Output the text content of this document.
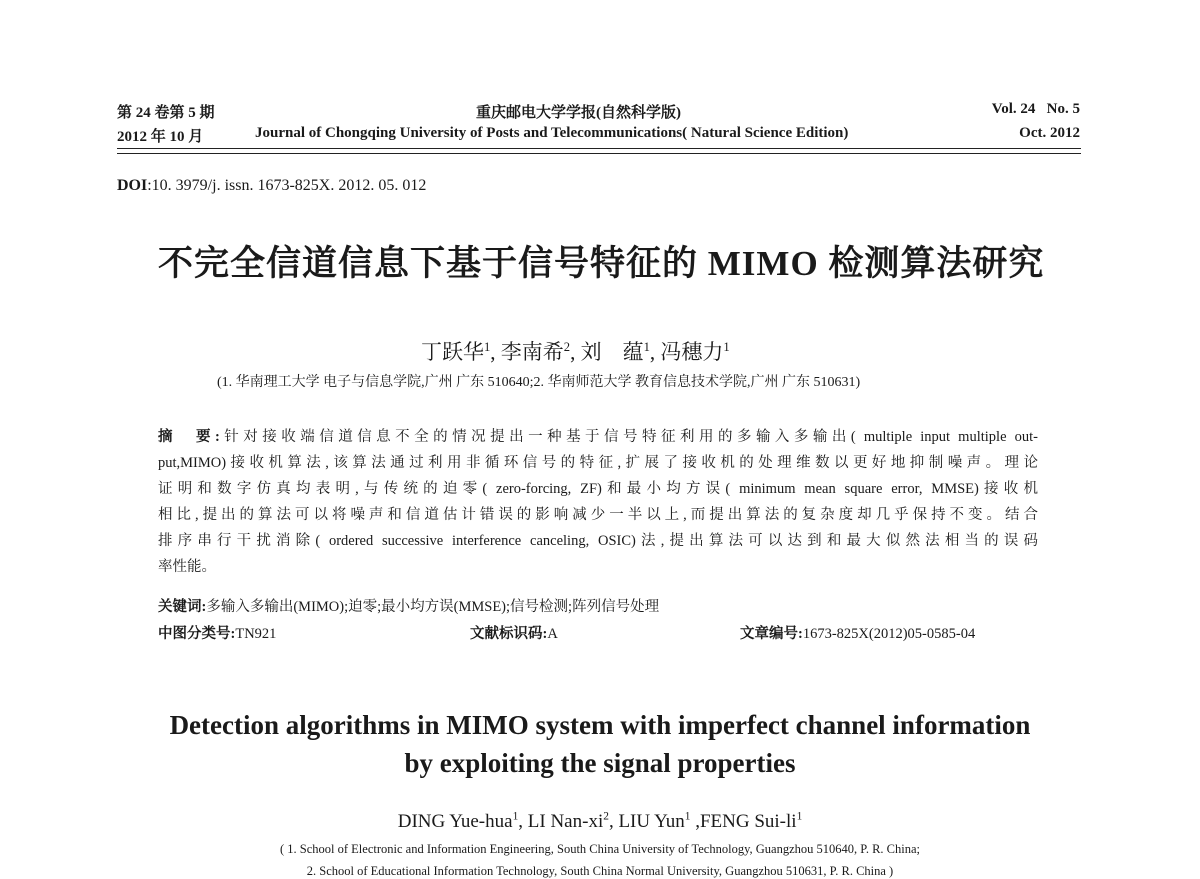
第 24 卷第 5 期	重庆邮电大学学报(自然科学版)	Vol. 24   No. 5
2012 年 10 月	Journal of Chongqing University of Posts and Telecommunications( Natural Science Edition)	Oct. 2012
DOI:10. 3979/j. issn. 1673-825X. 2012. 05. 012
不完全信道信息下基于信号特征的 MIMO 检测算法研究
丁跃华$^1$, 李南希$^2$, 刘　蕴$^1$, 冯穗力$^1$
(1. 华南理工大学 电子与信息学院,广州 广东 510640;2. 华南师范大学 教育信息技术学院,广州 广东 510631)
摘　要:针对接收端信道信息不全的情况提出一种基于信号特征利用的多输入多输出( multiple input multiple out-
put,MIMO)接收机算法,该算法通过利用非循环信号的特征,扩展了接收机的处理维数以更好地抑制噪声。理论
证明和数字仿真均表明,与传统的迫零( zero-forcing, ZF)和最小均方误( minimum mean square error, MMSE)接收机
相比,提出的算法可以将噪声和信道估计错误的影响减少一半以上,而提出算法的复杂度却几乎保持不变。结合
排序串行干扰消除( ordered successive interference canceling, OSIC)法,提出算法可以达到和最大似然法相当的误码
率性能。
关键词:多输入多输出(MIMO);迫零;最小均方误(MMSE);信号检测;阵列信号处理
中图分类号:TN921	文献标识码:A	文章编号:1673-825X(2012)05-0585-04
Detection algorithms in MIMO system with imperfect channel information
by exploiting the signal properties
DING Yue-hua$^1$, LI Nan-$xi^2$, LIU Yun$^1$ ,FENG Sui-$li^1$
( 1. School of Electronic and Information Engineering, South China University of Technology, Guangzhou 510640, P. R. China;
2. School of Educational Information Technology, South China Normal University, Guangzhou 510631, P. R. China )
